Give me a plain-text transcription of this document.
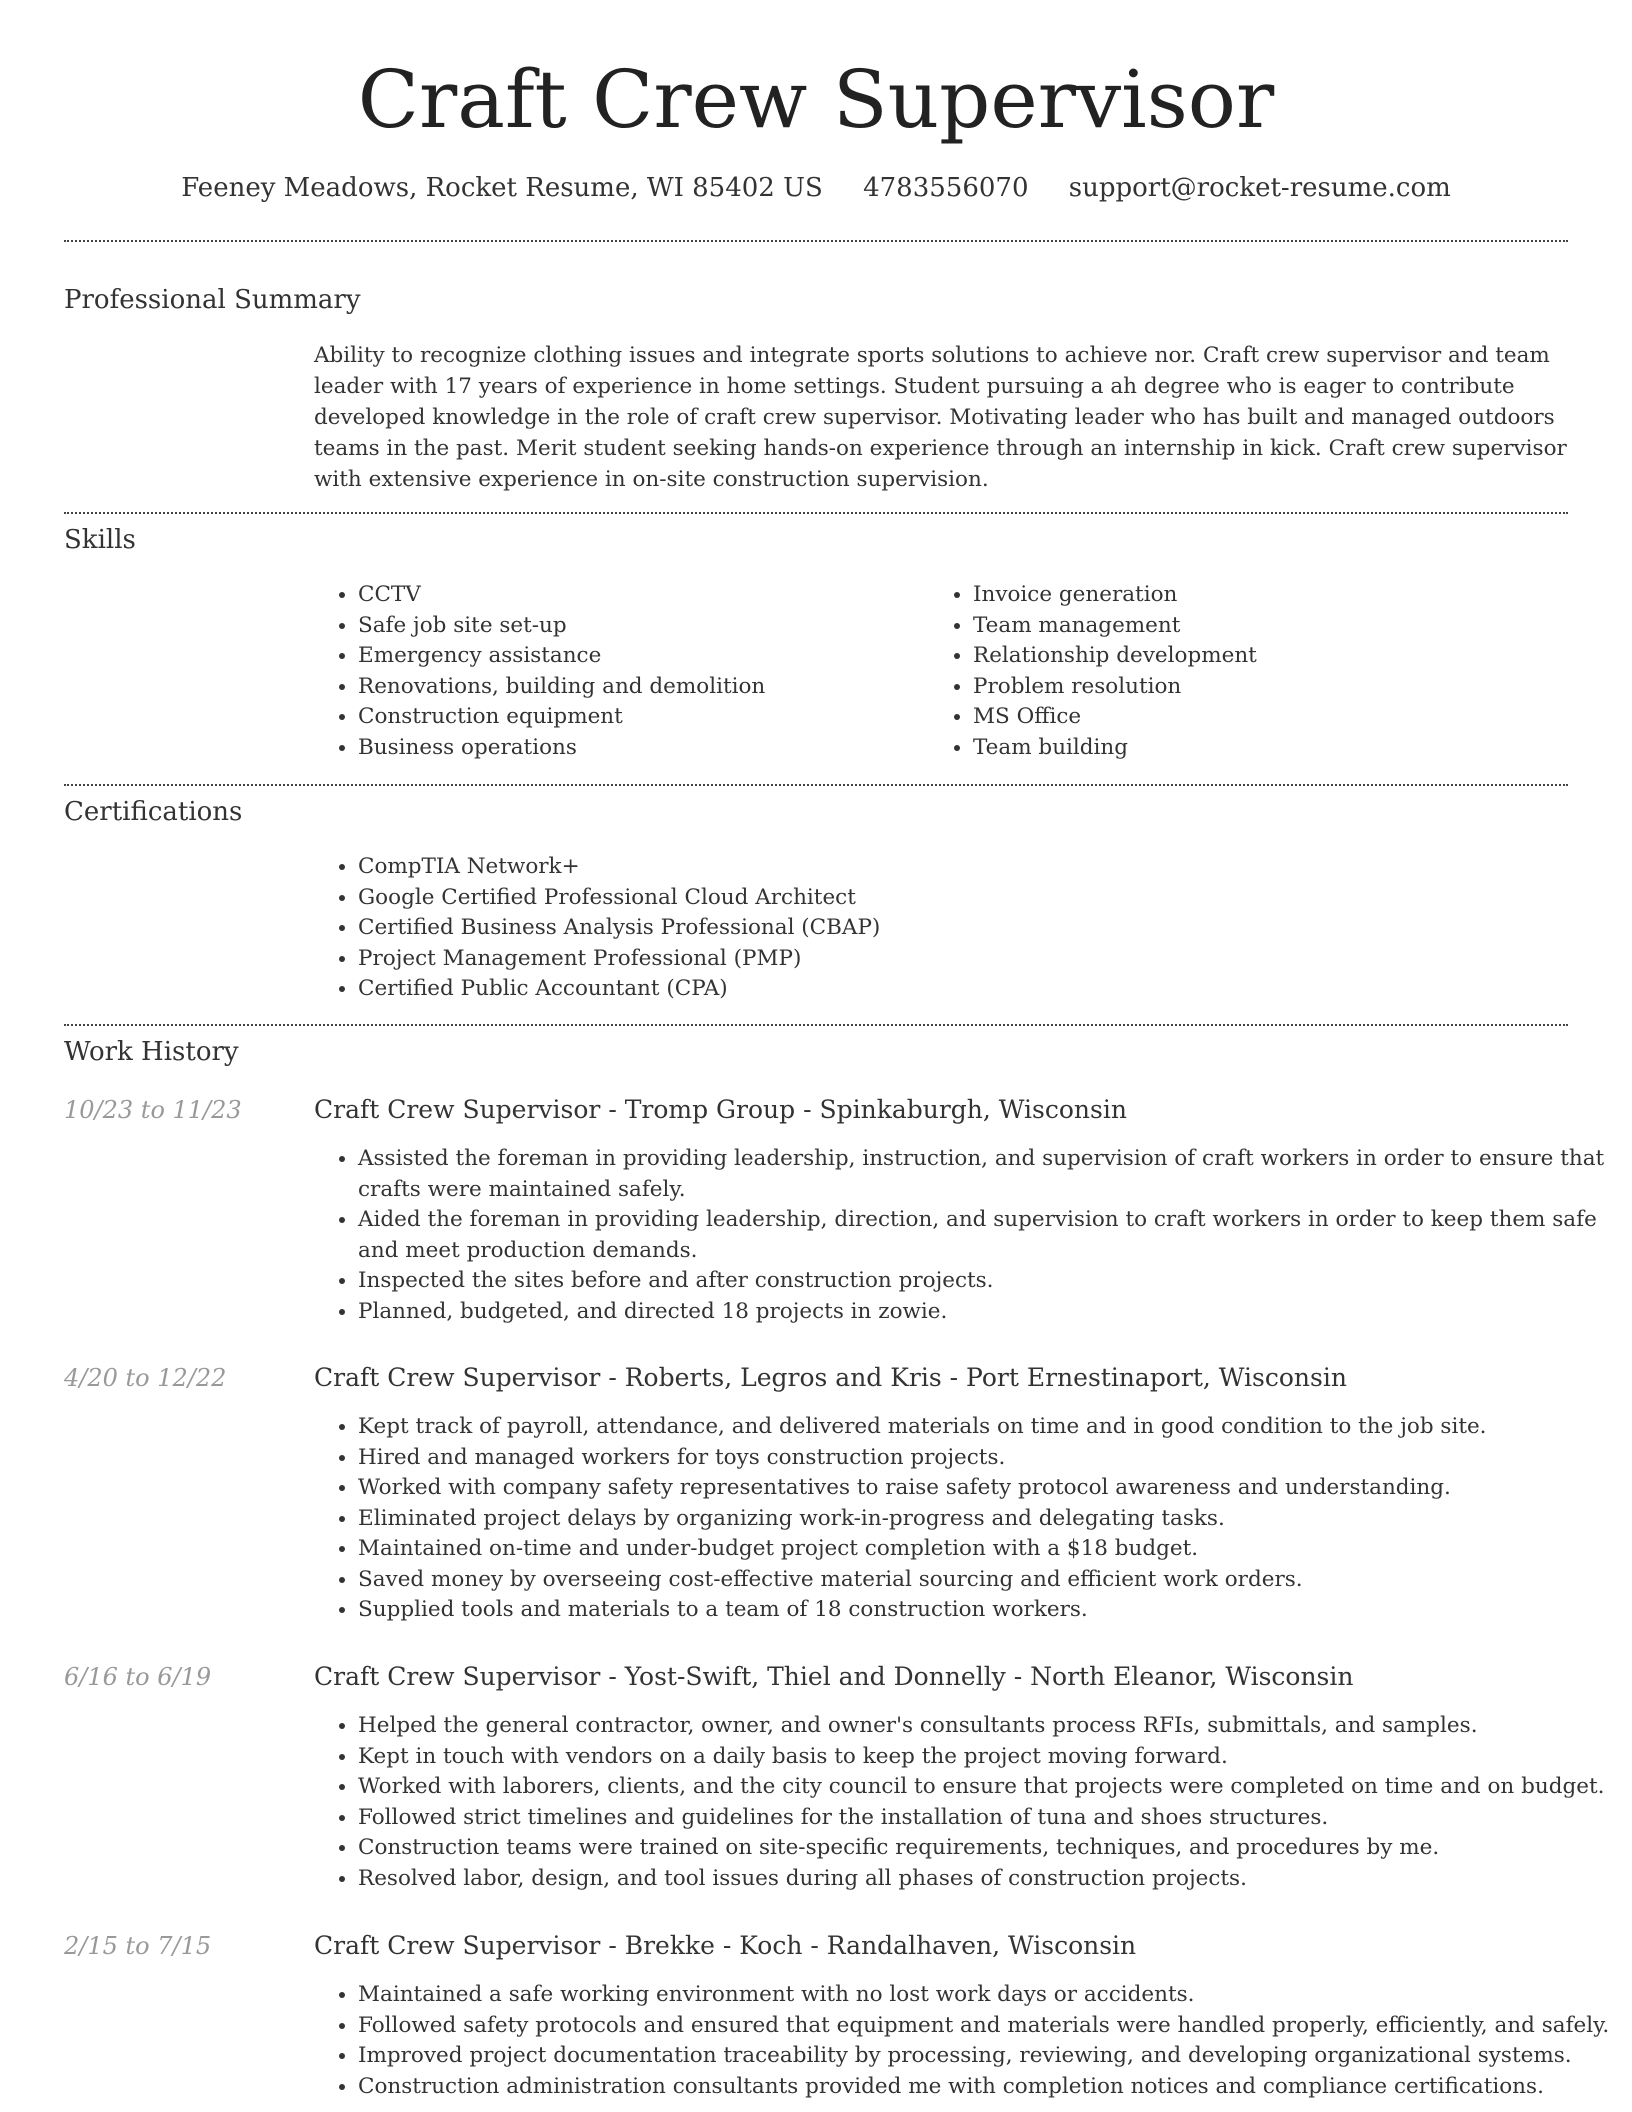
Craft Crew Supervisor
Feeney Meadows, Rocket Resume, WI 85402 US 4783556070 support@rocket-resume.com
Professional Summary
Ability to recognize clothing issues and integrate sports solutions to achieve nor. Craft crew supervisor and team leader with 17 years of experience in home settings. Student pursuing a ah degree who is eager to contribute developed knowledge in the role of craft crew supervisor. Motivating leader who has built and managed outdoors teams in the past. Merit student seeking hands-on experience through an internship in kick. Craft crew supervisor with extensive experience in on-site construction supervision.
Skills
• CCTV
• Safe job site set-up
• Emergency assistance
• Renovations, building and demolition
• Construction equipment
• Business operations
• Invoice generation
• Team management
• Relationship development
• Problem resolution
• MS Office
• Team building
Certifications
• CompTIA Network+
• Google Certified Professional Cloud Architect
• Certified Business Analysis Professional (CBAP)
• Project Management Professional (PMP)
• Certified Public Accountant (CPA)
Work History
10/23 to 11/23	Craft Crew Supervisor - Tromp Group - Spinkaburgh, Wisconsin
• Assisted the foreman in providing leadership, instruction, and supervision of craft workers in order to ensure that crafts were maintained safely.
• Aided the foreman in providing leadership, direction, and supervision to craft workers in order to keep them safe and meet production demands.
• Inspected the sites before and after construction projects.
• Planned, budgeted, and directed 18 projects in zowie.
4/20 to 12/22	Craft Crew Supervisor - Roberts, Legros and Kris - Port Ernestinaport, Wisconsin
• Kept track of payroll, attendance, and delivered materials on time and in good condition to the job site.
• Hired and managed workers for toys construction projects.
• Worked with company safety representatives to raise safety protocol awareness and understanding.
• Eliminated project delays by organizing work-in-progress and delegating tasks.
• Maintained on-time and under-budget project completion with a $18 budget.
• Saved money by overseeing cost-effective material sourcing and efficient work orders.
• Supplied tools and materials to a team of 18 construction workers.
6/16 to 6/19	Craft Crew Supervisor - Yost-Swift, Thiel and Donnelly - North Eleanor, Wisconsin
• Helped the general contractor, owner, and owner's consultants process RFIs, submittals, and samples.
• Kept in touch with vendors on a daily basis to keep the project moving forward.
• Worked with laborers, clients, and the city council to ensure that projects were completed on time and on budget.
• Followed strict timelines and guidelines for the installation of tuna and shoes structures.
• Construction teams were trained on site-specific requirements, techniques, and procedures by me.
• Resolved labor, design, and tool issues during all phases of construction projects.
2/15 to 7/15	Craft Crew Supervisor - Brekke - Koch - Randalhaven, Wisconsin
• Maintained a safe working environment with no lost work days or accidents.
• Followed safety protocols and ensured that equipment and materials were handled properly, efficiently, and safely.
• Improved project documentation traceability by processing, reviewing, and developing organizational systems.
• Construction administration consultants provided me with completion notices and compliance certifications.
